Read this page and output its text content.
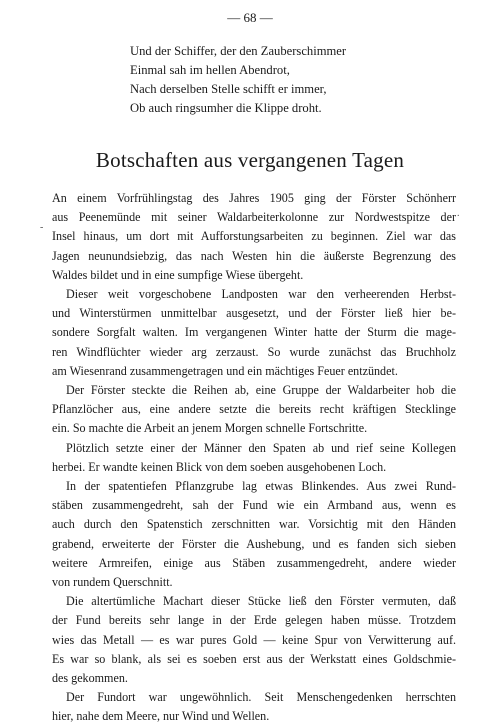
— 68 —
Und der Schiffer, der den Zauberschimmer
Einmal sah im hellen Abendrot,
Nach derselben Stelle schifft er immer,
Ob auch ringsumher die Klippe droht.
Botschaften aus vergangenen Tagen
.
-
An einem Vorfrühlingstag des Jahres 1905 ging der Förster Schönherr
aus Peenemünde mit seiner Waldarbeiterkolonne zur Nordwestspitze der
Insel hinaus, um dort mit Aufforstungsarbeiten zu beginnen. Ziel war das
Jagen neunundsiebzig, das nach Westen hin die äußerste Begrenzung des
Waldes bildet und in eine sumpfige Wiese übergeht.
Dieser weit vorgeschobene Landposten war den verheerenden Herbst-
und Winterstürmen unmittelbar ausgesetzt, und der Förster ließ hier be-
sondere Sorgfalt walten. Im vergangenen Winter hatte der Sturm die mage-
ren Windflüchter wieder arg zerzaust. So wurde zunächst das Bruchholz
am Wiesenrand zusammengetragen und ein mächtiges Feuer entzündet.
Der Förster steckte die Reihen ab, eine Gruppe der Waldarbeiter hob die
Pflanzlöcher aus, eine andere setzte die bereits recht kräftigen Stecklinge
ein. So machte die Arbeit an jenem Morgen schnelle Fortschritte.
Plötzlich setzte einer der Männer den Spaten ab und rief seine Kollegen
herbei. Er wandte keinen Blick von dem soeben ausgehobenen Loch.
In der spatentiefen Pflanzgrube lag etwas Blinkendes. Aus zwei Rund-
stäben zusammengedreht, sah der Fund wie ein Armband aus, wenn es
auch durch den Spatenstich zerschnitten war. Vorsichtig mit den Händen
grabend, erweiterte der Förster die Aushebung, und es fanden sich sieben
weitere Armreifen, einige aus Stäben zusammengedreht, andere wieder
von rundem Querschnitt.
Die altertümliche Machart dieser Stücke ließ den Förster vermuten, daß
der Fund bereits sehr lange in der Erde gelegen haben müsse. Trotzdem
wies das Metall — es war pures Gold — keine Spur von Verwitterung auf.
Es war so blank, als sei es soeben erst aus der Werkstatt eines Goldschmie-
des gekommen.
Der Fundort war ungewöhnlich. Seit Menschengedenken herrschten
hier, nahe dem Meere, nur Wind und Wellen.
